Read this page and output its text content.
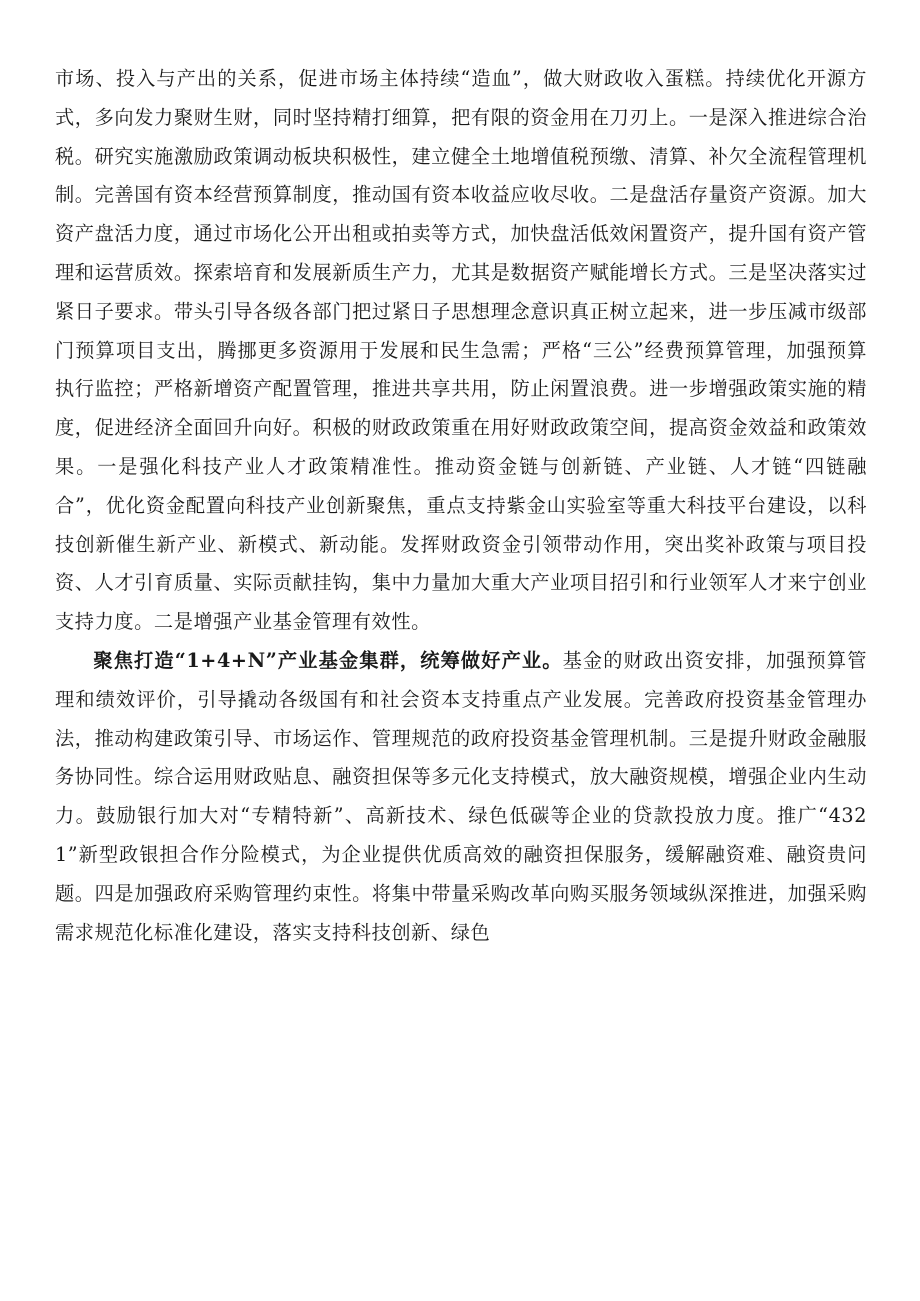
市场、投入与产出的关系，促进市场主体持续“造血”，做大财政收入蛋糕。持续优化开源方式，多向发力聚财生财，同时坚持精打细算，把有限的资金用在刀刃上。一是深入推进综合治税。研究实施激励政策调动板块积极性，建立健全土地增值税预缴、清算、补欠全流程管理机制。完善国有资本经营预算制度，推动国有资本收益应收尽收。二是盘活存量资产资源。加大资产盘活力度，通过市场化公开出租或拍卖等方式，加快盘活低效闲置资产，提升国有资产管理和运营质效。探索培育和发展新质生产力，尤其是数据资产赋能增长方式。三是坚决落实过紧日子要求。带头引导各级各部门把过紧日子思想理念意识真正树立起来，进一步压减市级部门预算项目支出，腾挪更多资源用于发展和民生急需；严格“三公”经费预算管理，加强预算执行监控；严格新增资产配置管理，推进共享共用，防止闲置浪费。进一步增强政策实施的精度，促进经济全面回升向好。积极的财政政策重在用好财政政策空间，提高资金效益和政策效果。一是强化科技产业人才政策精准性。推动资金链与创新链、产业链、人才链“四链融合”，优化资金配置向科技产业创新聚焦，重点支持紫金山实验室等重大科技平台建设，以科技创新催生新产业、新模式、新动能。发挥财政资金引领带动作用，突出奖补政策与项目投资、人才引育质量、实际贡献挂钩，集中力量加大重大产业项目招引和行业领军人才来宁创业支持力度。二是增强产业基金管理有效性。

聚焦打造“1+4+N”产业基金集群，统筹做好产业。基金的财政出资安排，加强预算管理和绩效评价，引导撬动各级国有和社会资本支持重点产业发展。完善政府投资基金管理办法，推动构建政策引导、市场运作、管理规范的政府投资基金管理机制。三是提升财政金融服务协同性。综合运用财政贴息、融资担保等多元化支持模式，放大融资规模，增强企业内生动力。鼓励银行加大对“专精特新”、高新技术、绿色低碳等企业的贷款投放力度。推广“4321”新型政银担合作分险模式，为企业提供优质高效的融资担保服务，缓解融资难、融资贵问题。四是加强政府采购管理约束性。将集中带量采购改革向购买服务领域纵深推进，加强采购需求规范化标准化建设，落实支持科技创新、绿色
